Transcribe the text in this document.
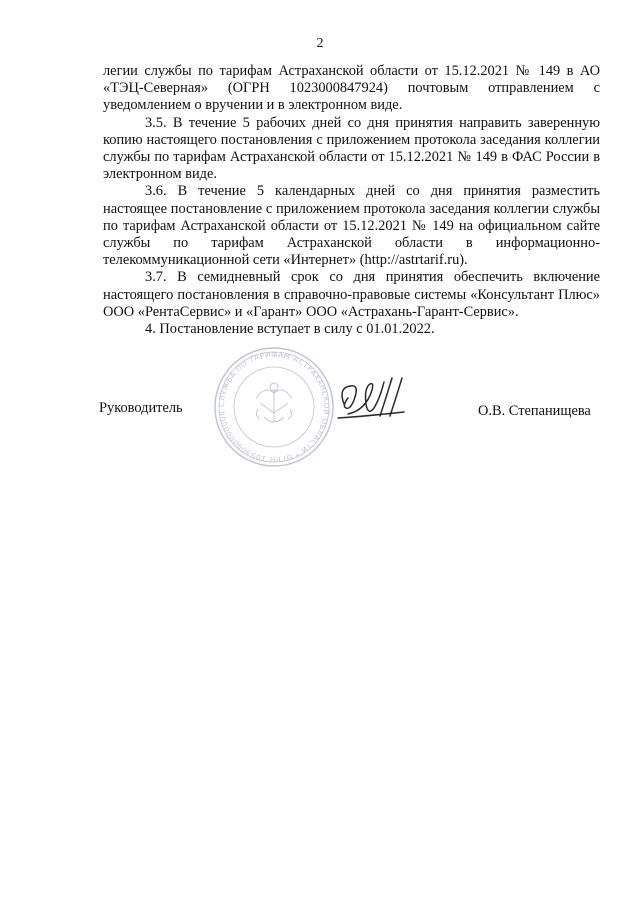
2

легии службы по тарифам Астраханской области от 15.12.2021 № 149 в АО «ТЭЦ-Северная» (ОГРН 1023000847924) почтовым отправлением с уведомлением о вручении и в электронном виде.

3.5. В течение 5 рабочих дней со дня принятия направить заверенную копию настоящего постановления с приложением протокола заседания коллегии службы по тарифам Астраханской области от 15.12.2021 № 149 в ФАС России в электронном виде.

3.6. В течение 5 календарных дней со дня принятия разместить настоящее постановление с приложением протокола заседания коллегии службы по тарифам Астраханской области от 15.12.2021 № 149 на официальном сайте службы по тарифам Астраханской области в информационно-телекоммуникационной сети «Интернет» (http://astrtarif.ru).

3.7. В семидневный срок со дня принятия обеспечить включение настоящего постановления в справочно-правовые системы «Консультант Плюс» ООО «РентаСервис» и «Гарант» ООО «Астрахань-Гарант-Сервис».

4. Постановление вступает в силу с 01.01.2022.

СЛУЖБА ПО ТАРИФАМ АСТРАХАНСКОЙ ОБЛАСТИ * ОГРН 1053000000000
Руководитель	О.В. Степанищева
